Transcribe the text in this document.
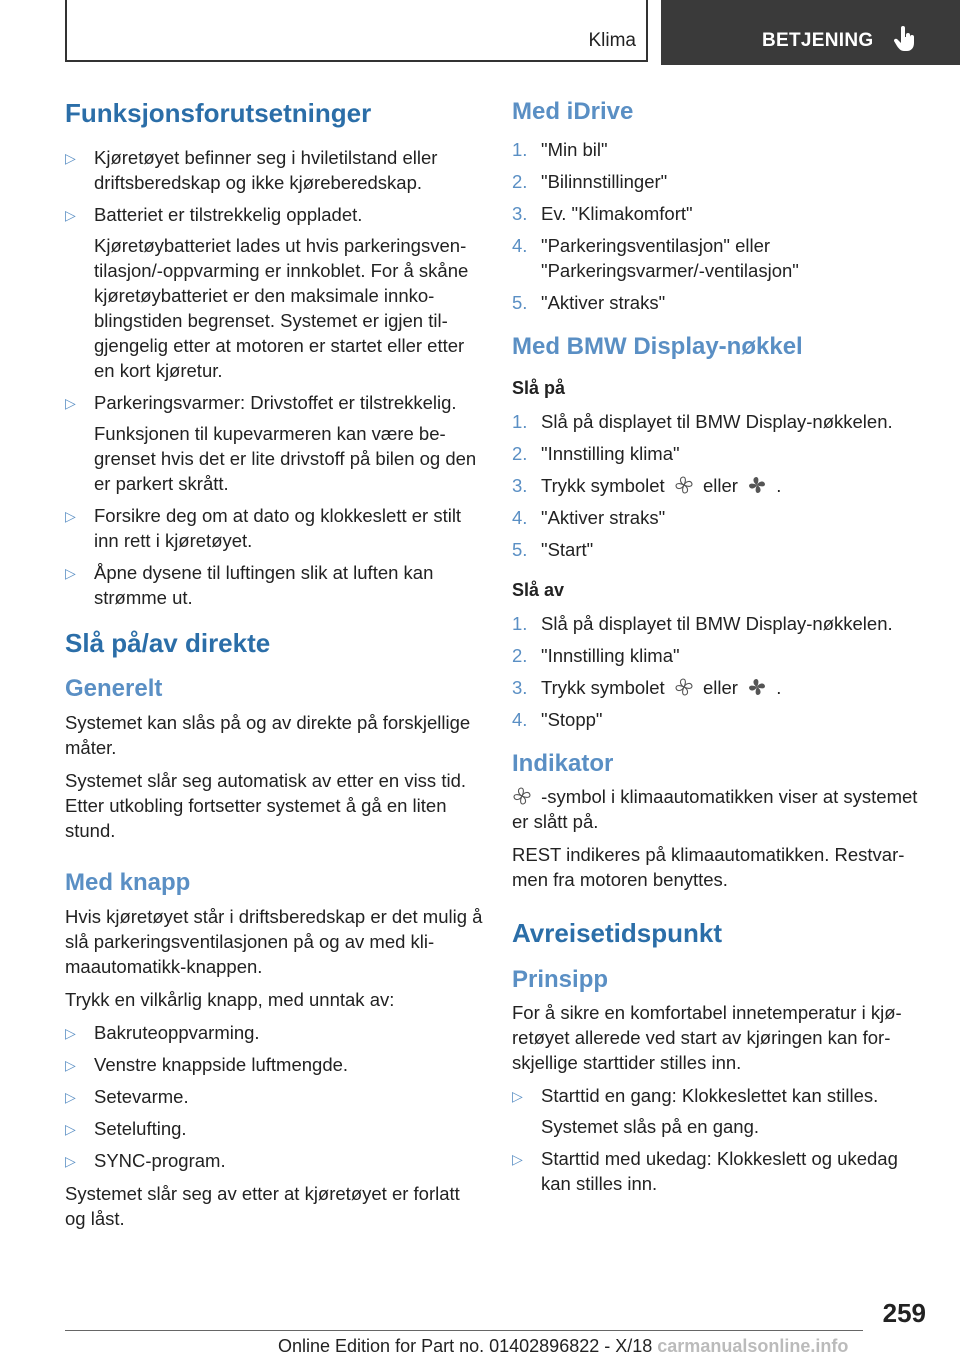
Klima	BETJENING
Funksjonsforutsetninger
▷ Kjøretøyet befinner seg i hviletilstand eller driftsberedskap og ikke kjøreberedskap.
▷ Batteriet er tilstrekkelig oppladet.
Kjøretøybatteriet lades ut hvis parkeringsventilasjon/-oppvarming er innkoblet. For å skåne kjøretøybatteriet er den maksimale innkoblingstiden begrenset. Systemet er igjen tilgjengelig etter at motoren er startet eller etter en kort kjøretur.
▷ Parkeringsvarmer: Drivstoffet er tilstrekkelig.
Funksjonen til kupevarmeren kan være begrenset hvis det er lite drivstoff på bilen og den er parkert skrått.
▷ Forsikre deg om at dato og klokkeslett er stilt inn rett i kjøretøyet.
▷ Åpne dysene til luftingen slik at luften kan strømme ut.
Slå på/av direkte
Generelt

Systemet kan slås på og av direkte på forskjellige måter.

Systemet slår seg automatisk av etter en viss tid. Etter utkobling fortsetter systemet å gå en liten stund.

Med knapp

Hvis kjøretøyet står i driftsberedskap er det mulig å slå parkeringsventilasjonen på og av med klimaautomatikk-knappen.

Trykk en vilkårlig knapp, med unntak av:

▷ Bakruteoppvarming.
▷ Venstre knappside luftmengde.
▷ Setevarme.
▷ Setelufting.
▷ SYNC-program.

Systemet slår seg av etter at kjøretøyet er forlatt og låst.

Med iDrive
1. "Min bil"
2. "Bilinnstillinger"
3. Ev. "Klimakomfort"
4. "Parkeringsventilasjon" eller "Parkeringsvarmer/-ventilasjon"
5. "Aktiver straks"
Med BMW Display-nøkkel
Slå på
1. Slå på displayet til BMW Display-nøkkelen.
2. "Innstilling klima"
3. Trykk symbolet eller .
4. "Aktiver straks"
5. "Start"
Slå av
1. Slå på displayet til BMW Display-nøkkelen.
2. "Innstilling klima"
3. Trykk symbolet eller .
4. "Stopp"
Indikator

-symbol i klimaautomatikken viser at systemet er slått på.

REST indikeres på klimaautomatikken. Restvarmen fra motoren benyttes.

Avreisetidspunkt
Prinsipp

For å sikre en komfortabel innetemperatur i kjøretøyet allerede ved start av kjøringen kan forskjellige starttider stilles inn.

▷ Starttid en gang: Klokkeslettet kan stilles.
Systemet slås på en gang.
▷ Starttid med ukedag: Klokkeslett og ukedag kan stilles inn.
259
Online Edition for Part no. 01402896822 - X/18 carmanualsonline.info
